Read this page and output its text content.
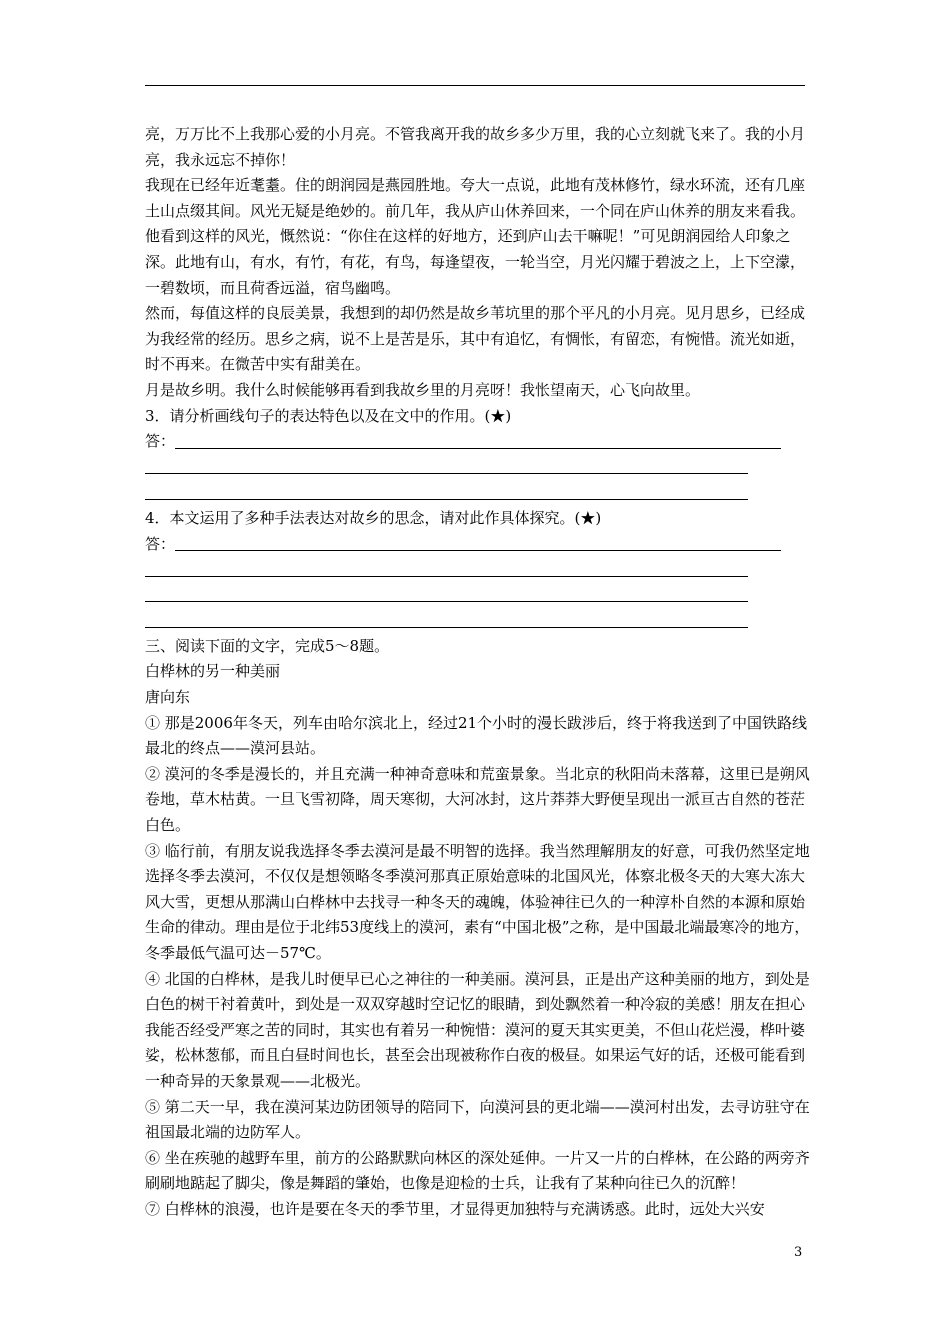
亮，万万比不上我那心爱的小月亮。不管我离开我的故乡多少万里，我的心立刻就飞来了。我的小月亮，我永远忘不掉你！

我现在已经年近耄耋。住的朗润园是燕园胜地。夸大一点说，此地有茂林修竹，绿水环流，还有几座土山点缀其间。风光无疑是绝妙的。前几年，我从庐山休养回来，一个同在庐山休养的朋友来看我。他看到这样的风光，慨然说：“你住在这样的好地方，还到庐山去干嘛呢！”可见朗润园给人印象之深。此地有山，有水，有竹，有花，有鸟，每逢望夜，一轮当空，月光闪耀于碧波之上，上下空濛，一碧数顷，而且荷香远溢，宿鸟幽鸣。

然而，每值这样的良辰美景，我想到的却仍然是故乡苇坑里的那个平凡的小月亮。见月思乡，已经成为我经常的经历。思乡之病，说不上是苦是乐，其中有追忆，有惆怅，有留恋，有惋惜。流光如逝，时不再来。在微苦中实有甜美在。

月是故乡明。我什么时候能够再看到我故乡里的月亮呀！我怅望南天，心飞向故里。

3．请分析画线句子的表达特色以及在文中的作用。(★)

答：

4．本文运用了多种手法表达对故乡的思念，请对此作具体探究。(★)

答：

三、阅读下面的文字，完成5～8题。

白桦林的另一种美丽

唐向东

① 那是2006年冬天，列车由哈尔滨北上，经过21个小时的漫长跋涉后，终于将我送到了中国铁路线最北的终点——漠河县站。

② 漠河的冬季是漫长的，并且充满一种神奇意味和荒蛮景象。当北京的秋阳尚未落幕，这里已是朔风卷地，草木枯黄。一旦飞雪初降，周天寒彻，大河冰封，这片莽莽大野便呈现出一派亘古自然的苍茫白色。

③ 临行前，有朋友说我选择冬季去漠河是最不明智的选择。我当然理解朋友的好意，可我仍然坚定地选择冬季去漠河，不仅仅是想领略冬季漠河那真正原始意味的北国风光，体察北极冬天的大寒大冻大风大雪，更想从那满山白桦林中去找寻一种冬天的魂魄，体验神往已久的一种淳朴自然的本源和原始生命的律动。理由是位于北纬53度线上的漠河，素有“中国北极”之称，是中国最北端最寒冷的地方，冬季最低气温可达－57℃。

④ 北国的白桦林，是我儿时便早已心之神往的一种美丽。漠河县，正是出产这种美丽的地方，到处是白色的树干衬着黄叶，到处是一双双穿越时空记忆的眼睛，到处飘然着一种冷寂的美感！朋友在担心我能否经受严寒之苦的同时，其实也有着另一种惋惜：漠河的夏天其实更美，不但山花烂漫，桦叶婆娑，松林葱郁，而且白昼时间也长，甚至会出现被称作白夜的极昼。如果运气好的话，还极可能看到一种奇异的天象景观——北极光。

⑤ 第二天一早，我在漠河某边防团领导的陪同下，向漠河县的更北端——漠河村出发，去寻访驻守在祖国最北端的边防军人。

⑥ 坐在疾驰的越野车里，前方的公路默默向林区的深处延伸。一片又一片的白桦林，在公路的两旁齐刷刷地踮起了脚尖，像是舞蹈的肇始，也像是迎检的士兵，让我有了某种向往已久的沉醉！

⑦ 白桦林的浪漫，也许是要在冬天的季节里，才显得更加独特与充满诱惑。此时，远处大兴安

3
